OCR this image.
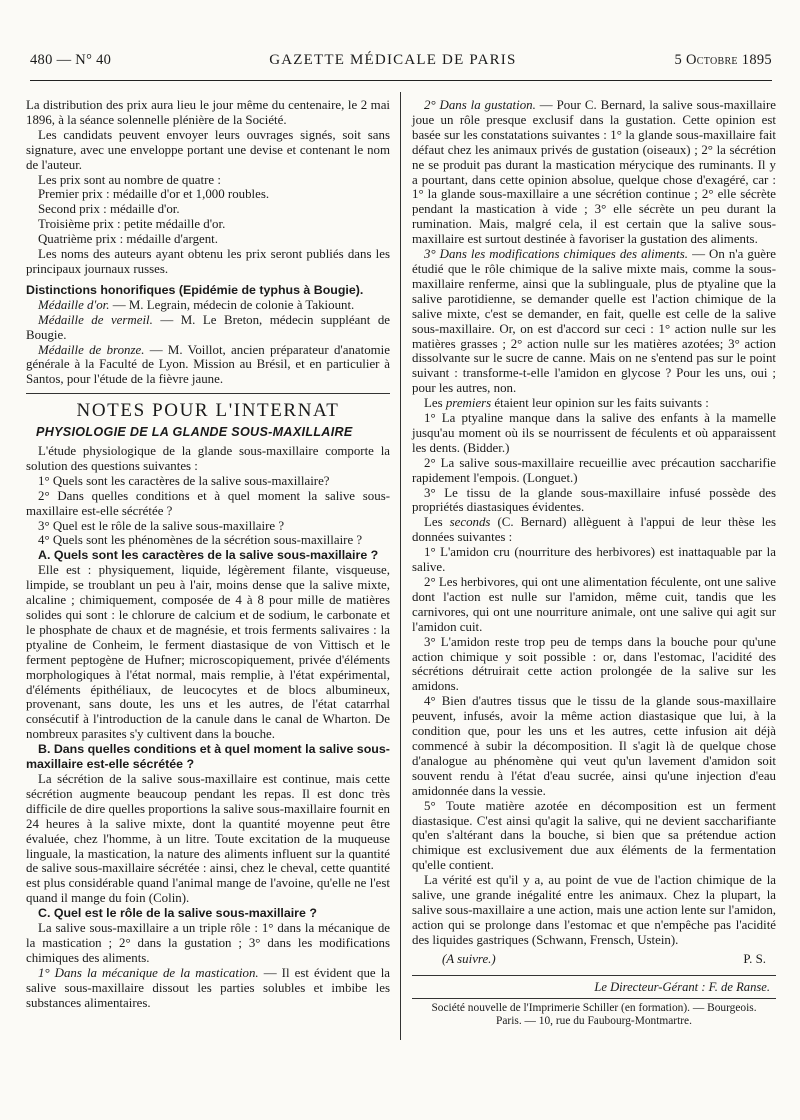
480 — N° 40	GAZETTE MÉDICALE DE PARIS	5 Octobre 1895

La distribution des prix aura lieu le jour même du centenaire, le 2 mai 1896, à la séance solennelle plénière de la Société.

Les candidats peuvent envoyer leurs ouvrages signés, soit sans signature, avec une enveloppe portant une devise et contenant le nom de l'auteur.

Les prix sont au nombre de quatre :

Premier prix : médaille d'or et 1,000 roubles.

Second prix : médaille d'or.

Troisième prix : petite médaille d'or.

Quatrième prix : médaille d'argent.

Les noms des auteurs ayant obtenu les prix seront publiés dans les principaux journaux russes.

Distinctions honorifiques (Epidémie de typhus à Bougie).

Médaille d'or. — M. Legrain, médecin de colonie à Takiount.

Médaille de vermeil. — M. Le Breton, médecin suppléant de Bougie.

Médaille de bronze. — M. Voillot, ancien préparateur d'anatomie générale à la Faculté de Lyon. Mission au Brésil, et en particulier à Santos, pour l'étude de la fièvre jaune.

NOTES POUR L'INTERNAT

PHYSIOLOGIE DE LA GLANDE SOUS-MAXILLAIRE

L'étude physiologique de la glande sous-maxillaire comporte la solution des questions suivantes :

1° Quels sont les caractères de la salive sous-maxillaire?

2° Dans quelles conditions et à quel moment la salive sous-maxillaire est-elle sécrétée ?

3° Quel est le rôle de la salive sous-maxillaire ?

4° Quels sont les phénomènes de la sécrétion sous-maxillaire ?

A. Quels sont les caractères de la salive sous-maxillaire ?

Elle est : physiquement, liquide, légèrement filante, visqueuse, limpide, se troublant un peu à l'air, moins dense que la salive mixte, alcaline ; chimiquement, composée de 4 à 8 pour mille de matières solides qui sont : le chlorure de calcium et de sodium, le carbonate et le phosphate de chaux et de magnésie, et trois ferments salivaires : la ptyaline de Conheim, le ferment diastasique de von Vittisch et le ferment peptogène de Hufner; microscopiquement, privée d'éléments morphologiques à l'état normal, mais remplie, à l'état expérimental, d'éléments épithéliaux, de leucocytes et de blocs albumineux, provenant, sans doute, les uns et les autres, de l'état catarrhal consécutif à l'introduction de la canule dans le canal de Wharton. De nombreux parasites s'y cultivent dans la bouche.

B. Dans quelles conditions et à quel moment la salive sous-maxillaire est-elle sécrétée ?

La sécrétion de la salive sous-maxillaire est continue, mais cette sécrétion augmente beaucoup pendant les repas. Il est donc très difficile de dire quelles proportions la salive sous-maxillaire fournit en 24 heures à la salive mixte, dont la quantité moyenne peut être évaluée, chez l'homme, à un litre. Toute excitation de la muqueuse linguale, la mastication, la nature des aliments influent sur la quantité de salive sous-maxillaire sécrétée : ainsi, chez le cheval, cette quantité est plus considérable quand l'animal mange de l'avoine, qu'elle ne l'est quand il mange du foin (Colin).

C. Quel est le rôle de la salive sous-maxillaire ?

La salive sous-maxillaire a un triple rôle : 1° dans la mécanique de la mastication ; 2° dans la gustation ; 3° dans les modifications chimiques des aliments.

1° Dans la mécanique de la mastication. — Il est évident que la salive sous-maxillaire dissout les parties solubles et imbibe les substances alimentaires.

2° Dans la gustation. — Pour C. Bernard, la salive sous-maxillaire joue un rôle presque exclusif dans la gustation. Cette opinion est basée sur les constatations suivantes : 1° la glande sous-maxillaire fait défaut chez les animaux privés de gustation (oiseaux) ; 2° la sécrétion ne se produit pas durant la mastication mérycique des ruminants. Il y a pourtant, dans cette opinion absolue, quelque chose d'exagéré, car : 1° la glande sous-maxillaire a une sécrétion continue ; 2° elle sécrète pendant la mastication à vide ; 3° elle sécrète un peu durant la rumination. Mais, malgré cela, il est certain que la salive sous-maxillaire est surtout destinée à favoriser la gustation des aliments.

3° Dans les modifications chimiques des aliments. — On n'a guère étudié que le rôle chimique de la salive mixte mais, comme la sous-maxillaire renferme, ainsi que la sublinguale, plus de ptyaline que la salive parotidienne, se demander quelle est l'action chimique de la salive mixte, c'est se demander, en fait, quelle est celle de la salive sous-maxillaire. Or, on est d'accord sur ceci : 1° action nulle sur les matières grasses ; 2° action nulle sur les matières azotées; 3° action dissolvante sur le sucre de canne. Mais on ne s'entend pas sur le point suivant : transforme-t-elle l'amidon en glycose ? Pour les uns, oui ; pour les autres, non.

Les premiers étaient leur opinion sur les faits suivants :

1° La ptyaline manque dans la salive des enfants à la mamelle jusqu'au moment où ils se nourrissent de féculents et où apparaissent les dents. (Bidder.)

2° La salive sous-maxillaire recueillie avec précaution saccharifie rapidement l'empois. (Longuet.)

3° Le tissu de la glande sous-maxillaire infusé possède des propriétés diastasiques évidentes.

Les seconds (C. Bernard) allèguent à l'appui de leur thèse les données suivantes :

1° L'amidon cru (nourriture des herbivores) est inattaquable par la salive.

2° Les herbivores, qui ont une alimentation féculente, ont une salive dont l'action est nulle sur l'amidon, même cuit, tandis que les carnivores, qui ont une nourriture animale, ont une salive qui agit sur l'amidon cuit.

3° L'amidon reste trop peu de temps dans la bouche pour qu'une action chimique y soit possible : or, dans l'estomac, l'acidité des sécrétions détruirait cette action prolongée de la salive sur les amidons.

4° Bien d'autres tissus que le tissu de la glande sous-maxillaire peuvent, infusés, avoir la même action diastasique que lui, à la condition que, pour les uns et les autres, cette infusion ait déjà commencé à subir la décomposition. Il s'agit là de quelque chose d'analogue au phénomène qui veut qu'un lavement d'amidon soit souvent rendu à l'état d'eau sucrée, ainsi qu'une injection d'eau amidonnée dans la vessie.

5° Toute matière azotée en décomposition est un ferment diastasique. C'est ainsi qu'agit la salive, qui ne devient saccharifiante qu'en s'altérant dans la bouche, si bien que sa prétendue action chimique est exclusivement due aux éléments de la fermentation qu'elle contient.

La vérité est qu'il y a, au point de vue de l'action chimique de la salive, une grande inégalité entre les animaux. Chez la plupart, la salive sous-maxillaire a une action, mais une action lente sur l'amidon, action qui se prolonge dans l'estomac et que n'empêche pas l'acidité des liquides gastriques (Schwann, Frensch, Ustein).

(A suivre.)	P. S.

Le Directeur-Gérant : F. de Ranse.

Société nouvelle de l'Imprimerie Schiller (en formation). — Bourgeois.

Paris. — 10, rue du Faubourg-Montmartre.
